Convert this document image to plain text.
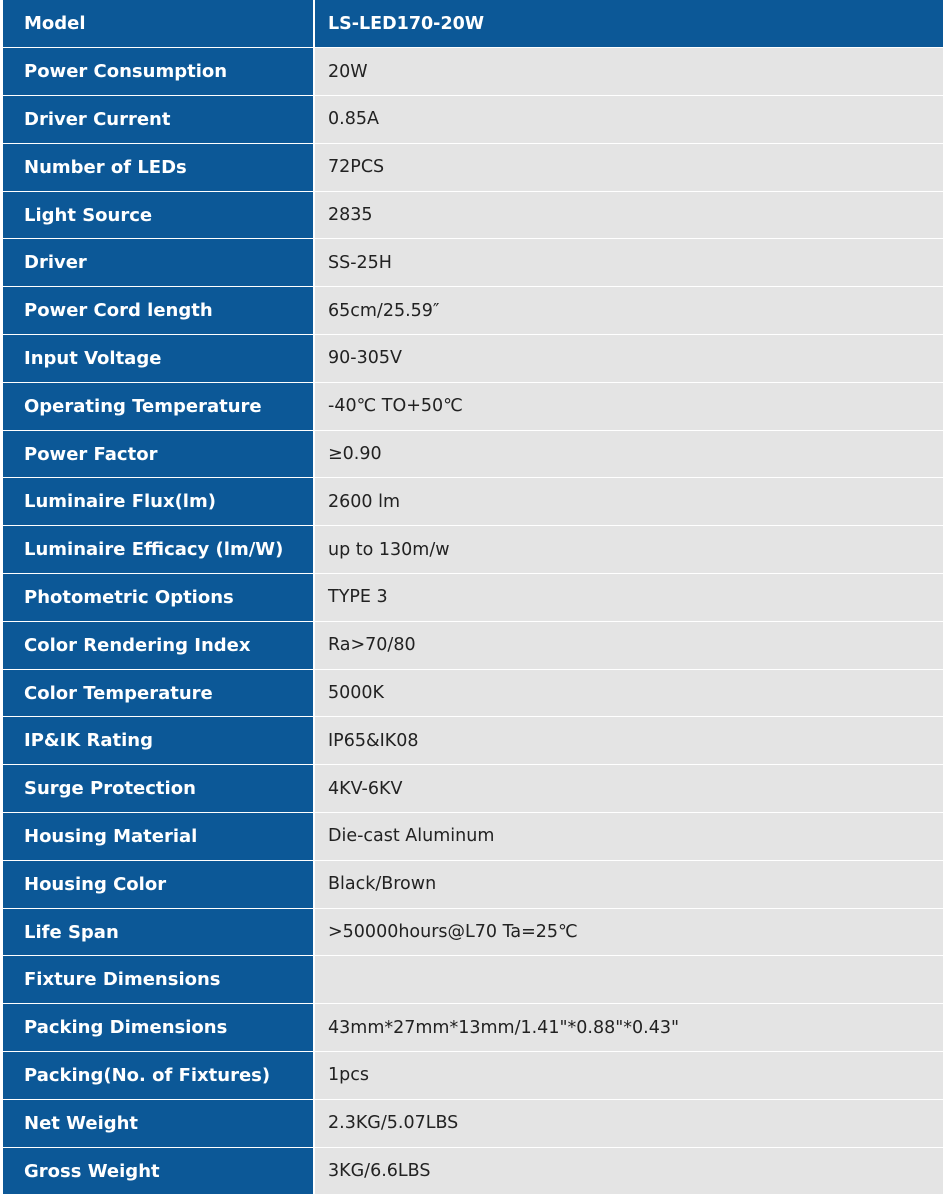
Model	LS-LED170-20W
Power Consumption	20W
Driver Current	0.85A
Number of LEDs	72PCS
Light Source	2835
Driver	SS-25H
Power Cord length	65cm/25.59″
Input Voltage	90-305V
Operating Temperature	-40℃ TO+50℃
Power Factor	≥0.90
Luminaire Flux(lm)	2600 lm
Luminaire Efficacy (lm/W)	up to 130m/w
Photometric Options	TYPE 3
Color Rendering Index	Ra>70/80
Color Temperature	5000K
IP&IK Rating	IP65&IK08
Surge Protection	4KV-6KV
Housing Material	Die-cast Aluminum
Housing Color	Black/Brown
Life Span	>50000hours@L70 Ta=25℃
Fixture Dimensions	
Packing Dimensions	43mm*27mm*13mm/1.41"*0.88"*0.43"
Packing(No. of Fixtures)	1pcs
Net Weight	2.3KG/5.07LBS
Gross Weight	3KG/6.6LBS
